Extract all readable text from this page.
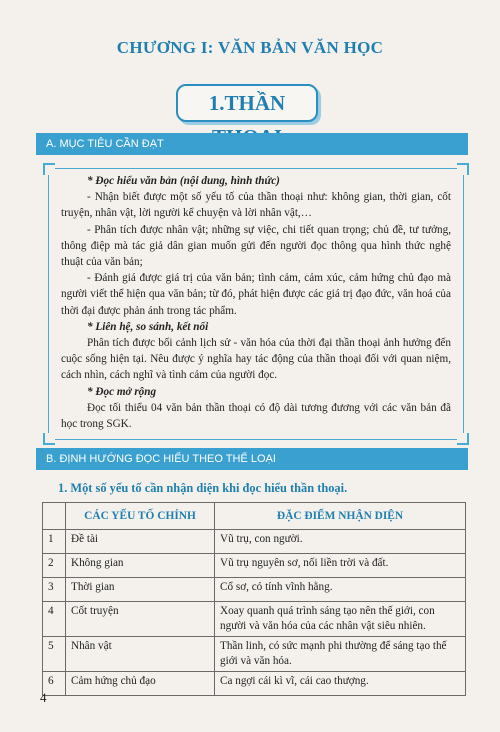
CHƯƠNG I: VĂN BẢN VĂN HỌC
1.THẦN
A. MỤC TIÊU CẦN ĐẠT

* Đọc hiểu văn bản (nội dung, hình thức)

- Nhận biết được một số yếu tố của thần thoại như: không gian, thời gian, cốt truyện, nhân vật, lời người kể chuyện và lời nhân vật,…

- Phân tích được nhân vật; những sự việc, chi tiết quan trọng; chủ đề, tư tưởng, thông điệp mà tác giả dân gian muốn gửi đến người đọc thông qua hình thức nghệ thuật của văn bản;

- Đánh giá được giá trị của văn bản; tình cảm, cảm xúc, cảm hứng chủ đạo mà người viết thể hiện qua văn bản; từ đó, phát hiện được các giá trị đạo đức, văn hoá của thời đại được phản ánh trong tác phẩm.

* Liên hệ, so sánh, kết nối

Phân tích được bối cảnh lịch sử - văn hóa của thời đại thần thoại ảnh hưởng đến cuộc sống hiện tại. Nêu được ý nghĩa hay tác động của thần thoại đối với quan niệm, cách nhìn, cách nghĩ và tình cảm của người đọc.

* Đọc mở rộng

Đọc tối thiểu 04 văn bản thần thoại có độ dài tương đương với các văn bản đã học trong SGK.

B. ĐỊNH HƯỚNG ĐỌC HIỂU THEO THỂ LOẠI
1. Một số yếu tố cần nhận diện khi đọc hiểu thần thoại.
	CÁC YẾU TỐ CHÍNH	ĐẶC ĐIỂM NHẬN DIỆN
1	Đề tài	Vũ trụ, con người.
2	Không gian	Vũ trụ nguyên sơ, nối liền trời và đất.
3	Thời gian	Cổ sơ, có tính vĩnh hằng.
4	Cốt truyện	Xoay quanh quá trình sáng tạo nên thế giới, con người và văn hóa của các nhân vật siêu nhiên.
5	Nhân vật	Thần linh, có sức mạnh phi thường để sáng tạo thế giới và văn hóa.
6	Cảm hứng chủ đạo	Ca ngợi cái kì vĩ, cái cao thượng.
4
